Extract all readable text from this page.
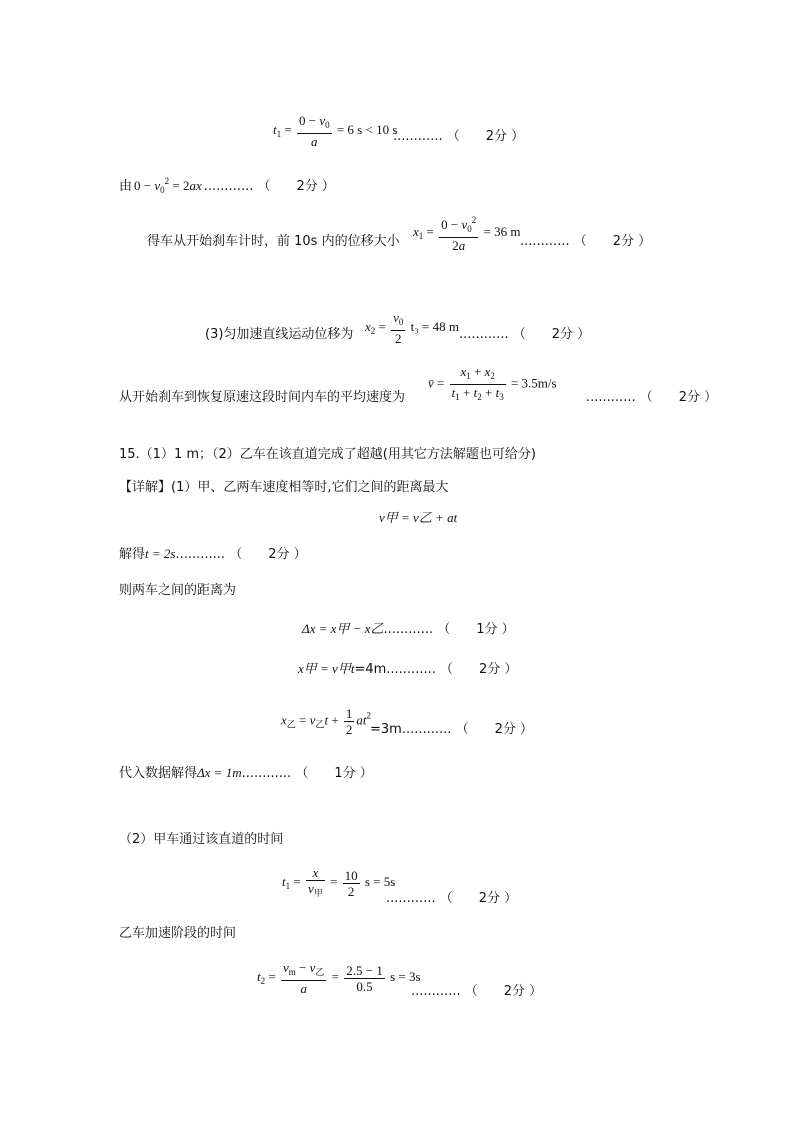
$t_1 = \frac{0 - v_0}{a} = 6$ s < 10 s
............ （　　2分 ）
由 $0 - v_0^2 = 2ax$ ............ （　　2分 ）
得车从开始刹车计时，前 10s 内的位移大小
$x_1 = \frac{0 - v_0^2}{2a} = 36$ m
............ （　　2分 ）
(3)匀加速直线运动位移为
$x_2 = \frac{v_0}{2} t_3 = 48$ m
............ （　　2分 ）
v̄ = $\frac{x_1 + x_2}{t_1 + t_2 + t_3} = 3.5m/s$
从开始刹车到恢复原速这段时间内车的平均速度为	............ （　　2分 ）
15.（1）1 m；（2）乙车在该直道完成了超越(用其它方法解题也可给分)
【详解】(1）甲、乙两车速度相等时,它们之间的距离最大
v甲 = v乙 + at
解得t = 2s............ （　　2分 ）
则两车之间的距离为
Δx = x甲 − x乙............ （　　1分 ）
x甲 = v甲t=4m............ （　　2分 ）
$x_乙 = v_乙t + \frac{1}{2} at^2$
=3m............ （　　2分 ）
代入数据解得Δx = 1m............ （　　1分 ）
（2）甲车通过该直道的时间
$t_1 = \frac{x}{v_甲} = \frac{10}{2}$ s = 5s
............ （　　2分 ）
乙车加速阶段的时间
$t_2 = \frac{v_m - v_乙}{a} = \frac{2.5 - 1}{0.5}$ s = 3s
............ （　　2分 ）
